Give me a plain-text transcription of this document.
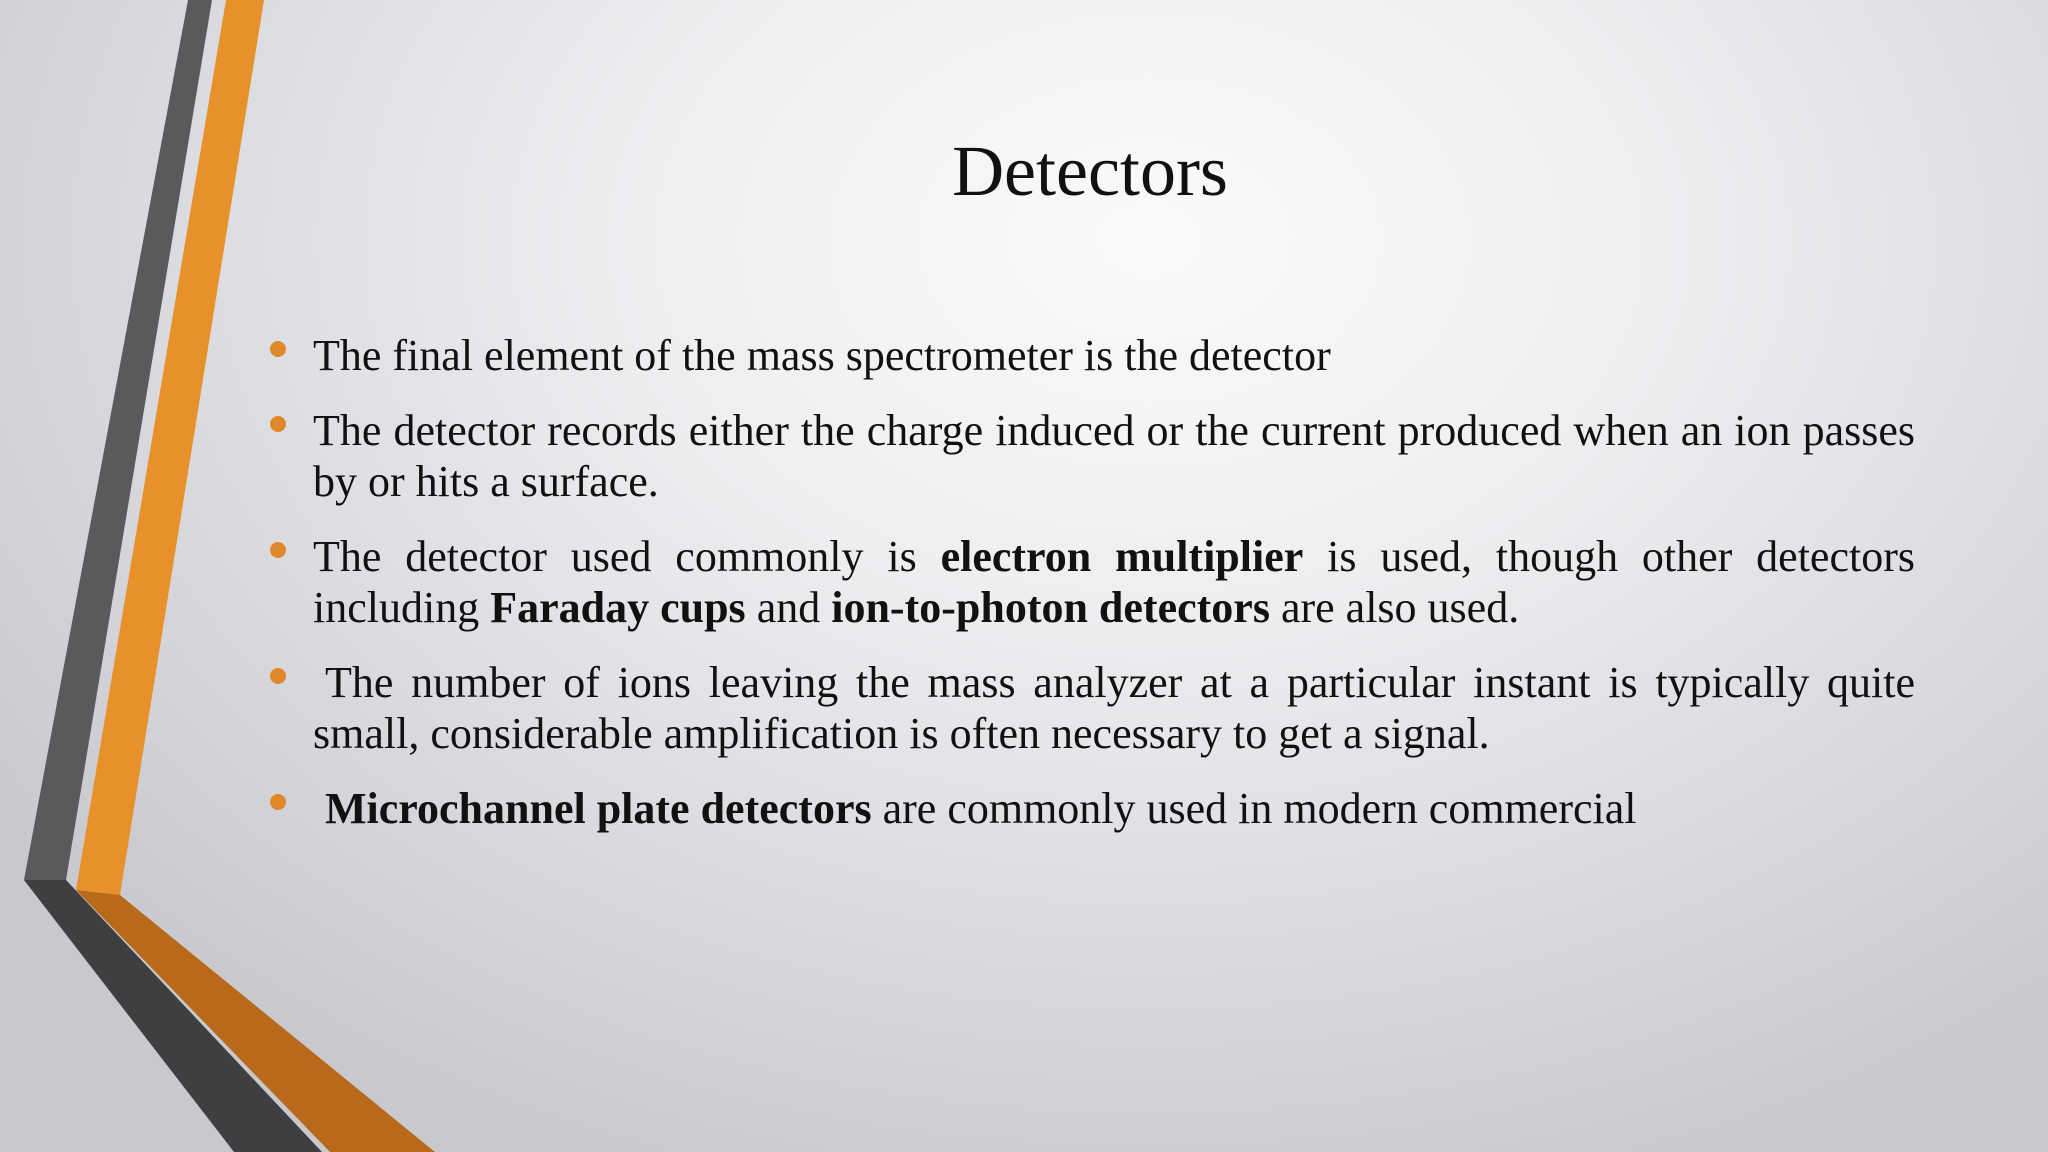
Detectors
The final element of the mass spectrometer is the detector
The detector records either the charge induced or the current produced when an ion passes by or hits a surface.
The detector used commonly is electron multiplier is used, though other detectors including Faraday cups and ion-to-photon detectors are also used.
The number of ions leaving the mass analyzer at a particular instant is typically quite small, considerable amplification is often necessary to get a signal.
Microchannel plate detectors are commonly used in modern commercial
